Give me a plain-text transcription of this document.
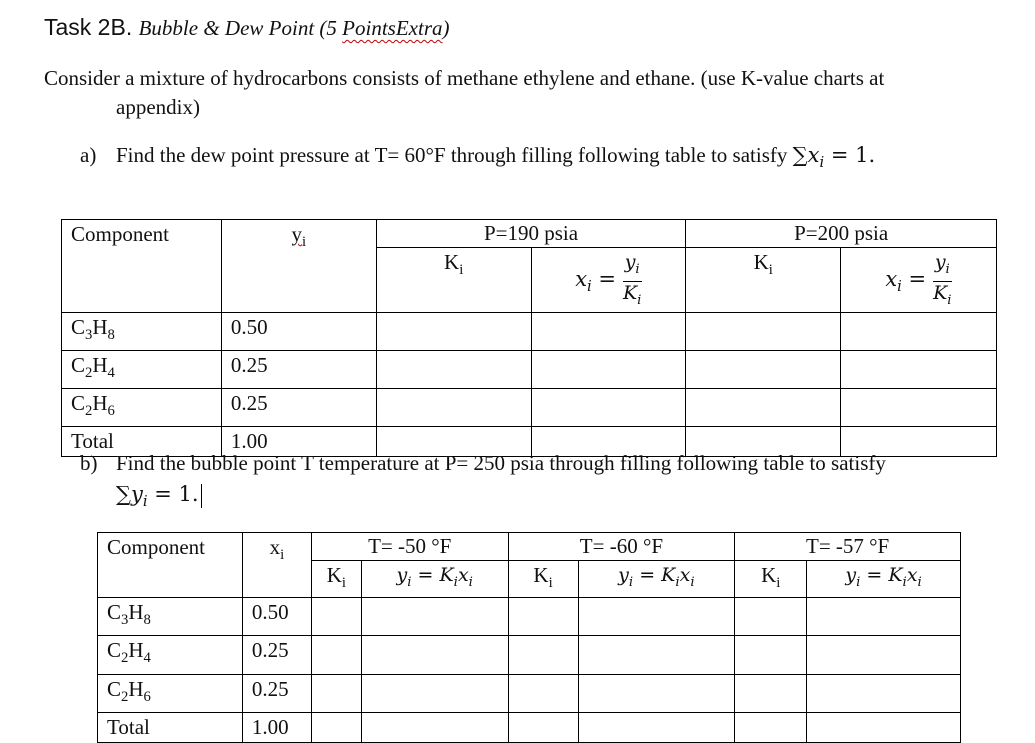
Task 2B. Bubble & Dew Point (5 PointsExtra)
Consider a mixture of hydrocarbons consists of methane ethylene and ethane. (use K-value charts at
appendix)
a) Find the dew point pressure at T= 60°F through filling following table to satisfy $\sum x_i = 1$.
Component	$y_i$	P=190 psia		P=200 psia	

		$K_i$	$x_i = \frac{y_i}{K_i}$	$K_i$	$x_i = \frac{y_i}{K_i}$

$C_3H_8$	0.50				

$C_2H_4$	0.25				

$C_2H_6$	0.25				

Total	1.00				

b) Find the bubble point T temperature at P= 250 psia through filling following table to satisfy
$\sum y_i = 1$.
Component	$x_i$	T= -50 °F		T= -60 °F		T= -57 °F	

		$K_i$	$y_i = K_ix_i$	$K_i$	$y_i = K_ix_i$	$K_i$	$y_i = K_ix_i$

$C_3H_8$	0.50						

$C_2H_4$	0.25						

$C_2H_6$	0.25						

Total	1.00						
